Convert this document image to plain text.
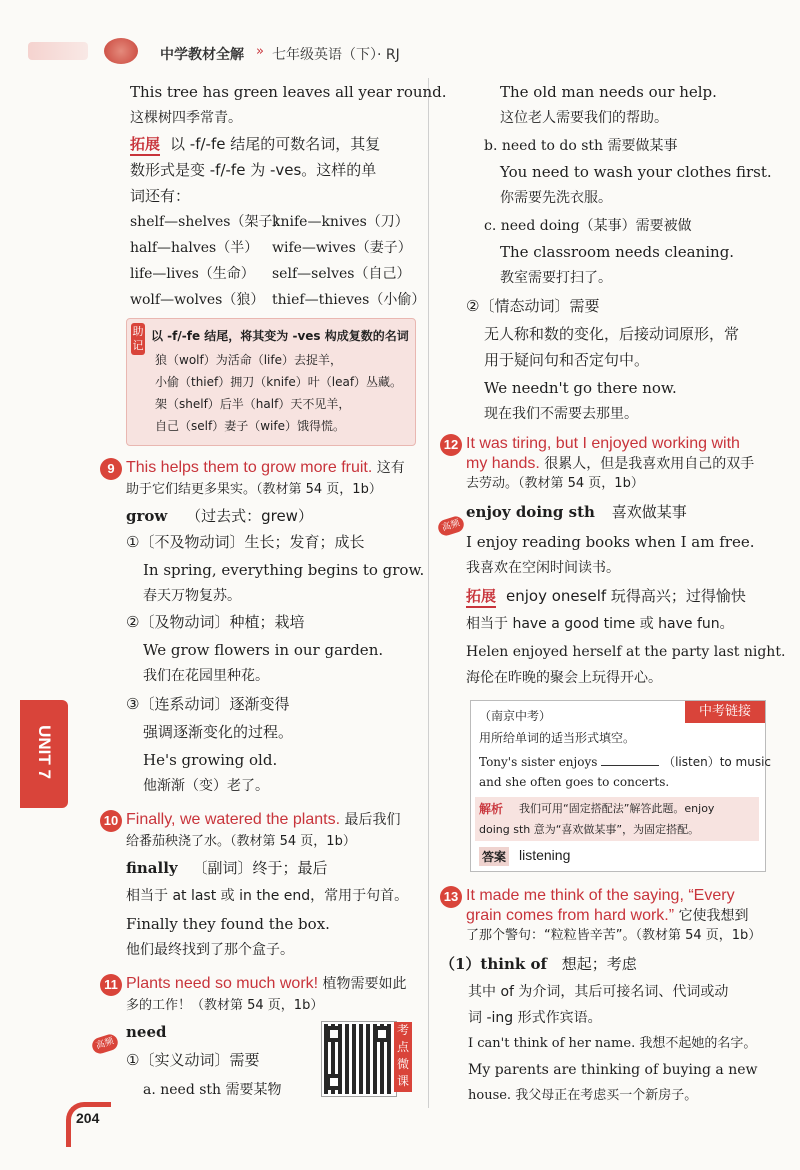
中学教材全解 » 七年级英语（下）· RJ
This tree has green leaves all year round.
这棵树四季常青。
拓展 以 -f/-fe 结尾的可数名词，其复
数形式是变 -f/-fe 为 -ves。这样的单
词还有：
shelf—shelves（架子）
knife—knives（刀）
half—halves（半） wife—wives（妻子）
life—lives（生命） self—selves（自己）
wolf—wolves（狼） thief—thieves（小偷）
助记
以 -f/-fe 结尾，将其变为 -ves 构成复数的名词
狼（wolf）为活命（life）去捉羊，
小偷（thief）拥刀（knife）叶（leaf）丛藏。
架（shelf）后半（half）天不见羊，
自己（self）妻子（wife）饿得慌。
9 This helps them to grow more fruit. 这有
助于它们结更多果实。（教材第 54 页，1b）
grow （过去式：grew）
①〔不及物动词〕生长；发育；成长
In spring, everything begins to grow.
春天万物复苏。
②〔及物动词〕种植；栽培
We grow flowers in our garden.
我们在花园里种花。
③〔连系动词〕逐渐变得
强调逐渐变化的过程。
He's growing old.
他渐渐（变）老了。
10 Finally, we watered the plants. 最后我们
给番茄秧浇了水。（教材第 54 页，1b）
finally 〔副词〕终于；最后
相当于 at last 或 in the end，常用于句首。
Finally they found the box.
他们最终找到了那个盒子。
11 Plants need so much work! 植物需要如此
多的工作！（教材第 54 页，1b）
高频
need
①〔实义动词〕需要
a. need sth 需要某物
考点微课
UNIT 7
204
The old man needs our help.
这位老人需要我们的帮助。
b. need to do sth 需要做某事
You need to wash your clothes first.
你需要先洗衣服。
c. need doing（某事）需要被做
The classroom needs cleaning.
教室需要打扫了。
②〔情态动词〕需要
无人称和数的变化，后接动词原形，常
用于疑问句和否定句中。
We needn't go there now.
现在我们不需要去那里。
12 It was tiring, but I enjoyed working with
my hands. 很累人，但是我喜欢用自己的双手
去劳动。（教材第 54 页，1b）
高频
enjoy doing sth 喜欢做某事
I enjoy reading books when I am free.
我喜欢在空闲时间读书。
拓展 enjoy oneself 玩得高兴；过得愉快
相当于 have a good time 或 have fun。
Helen enjoyed herself at the party last night.
海伦在昨晚的聚会上玩得开心。
中考链接
（南京中考）
用所给单词的适当形式填空。
Tony's sister enjoys	（listen）to music
and she often goes to concerts.
解析 我们可用“固定搭配法”解答此题。enjoy
doing sth 意为“喜欢做某事”，为固定搭配。
答案 listening
13 It made me think of the saying, “Every
grain comes from hard work.” 它使我想到
了那个警句：“粒粒皆辛苦”。（教材第 54 页，1b）
（1）think of 想起；考虑
其中 of 为介词，其后可接名词、代词或动
词 -ing 形式作宾语。
I can't think of her name. 我想不起她的名字。
My parents are thinking of buying a new
house. 我父母正在考虑买一个新房子。
